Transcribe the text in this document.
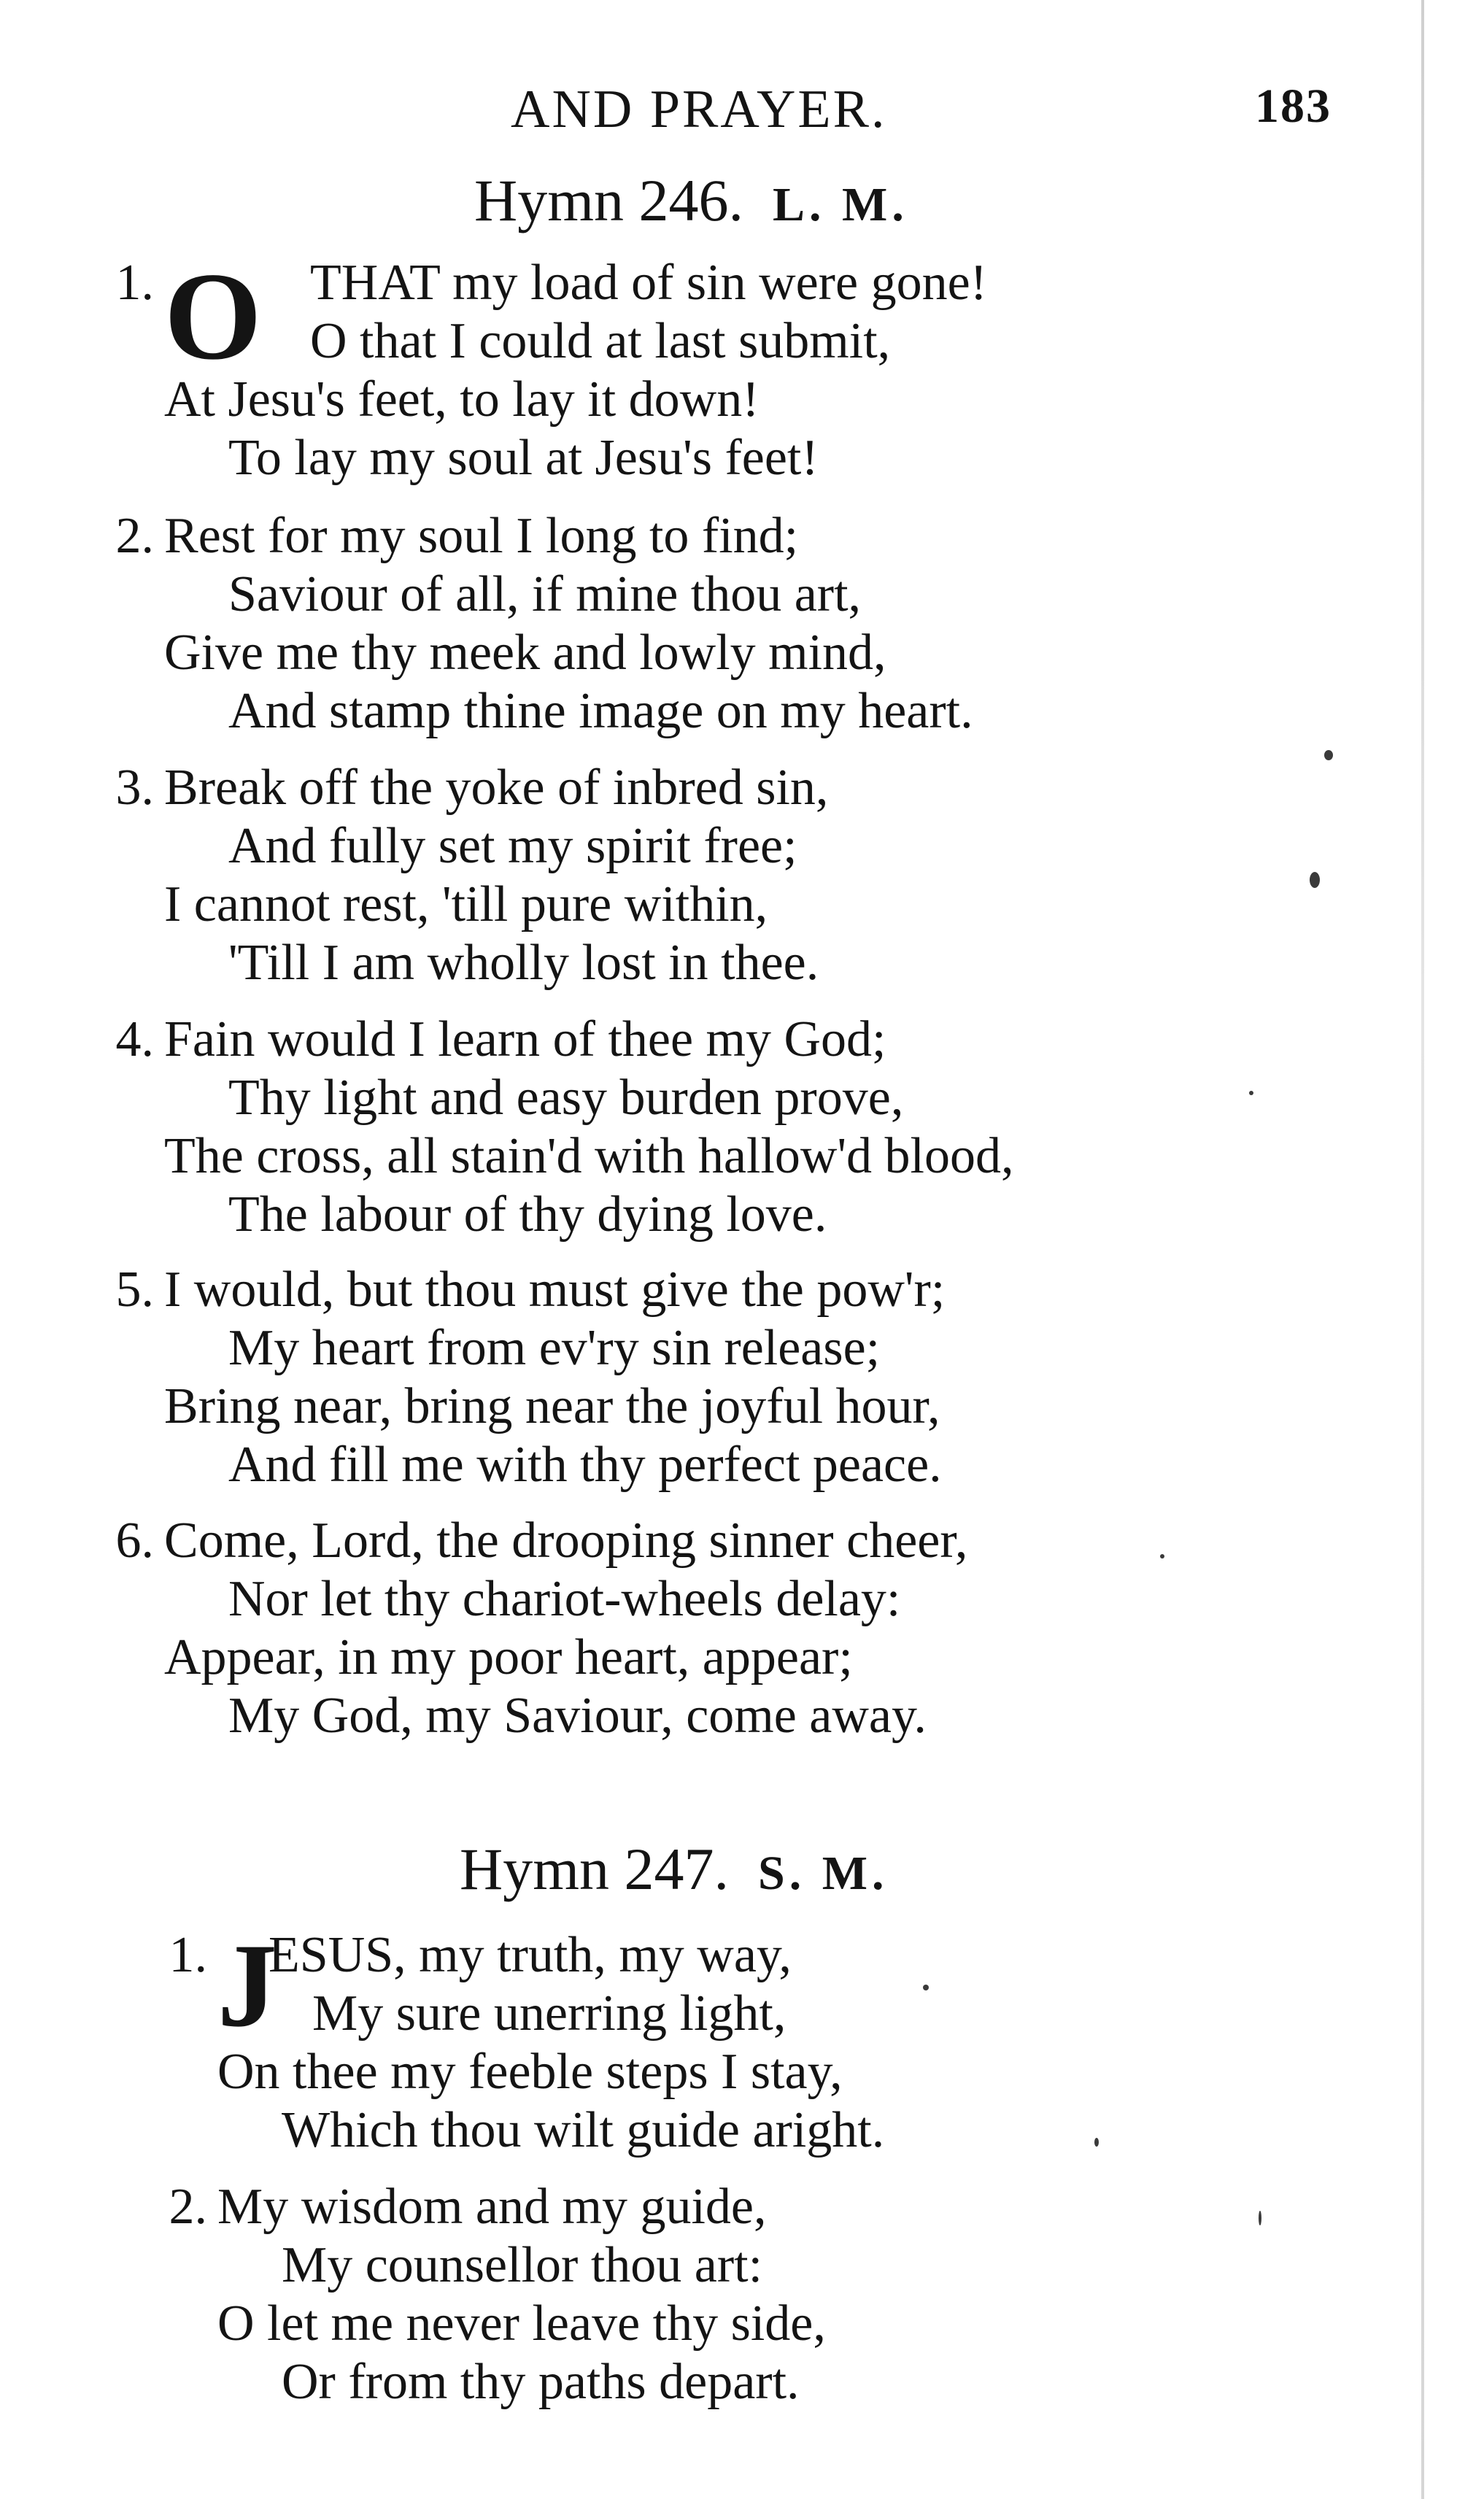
AND PRAYER.	183
Hymn 246. L. M.
1. O THAT my load of sin were gone!
O that I could at last submit,
At Jesu's feet, to lay it down!
To lay my soul at Jesu's feet!
2. Rest for my soul I long to find;
Saviour of all, if mine thou art,
Give me thy meek and lowly mind,
And stamp thine image on my heart.
3. Break off the yoke of inbred sin,
And fully set my spirit free;
I cannot rest, 'till pure within,
'Till I am wholly lost in thee.
4. Fain would I learn of thee my God;
Thy light and easy burden prove,
The cross, all stain'd with hallow'd blood,
The labour of thy dying love.
5. I would, but thou must give the pow'r;
My heart from ev'ry sin release;
Bring near, bring near the joyful hour,
And fill me with thy perfect peace.
6. Come, Lord, the drooping sinner cheer,
Nor let thy chariot-wheels delay:
Appear, in my poor heart, appear;
My God, my Saviour, come away.
Hymn 247. S. M.
1. J
ESUS, my truth, my way,
My sure unerring light,
On thee my feeble steps I stay,
Which thou wilt guide aright.
2. My wisdom and my guide,
My counsellor thou art:
O let me never leave thy side,
Or from thy paths depart.
